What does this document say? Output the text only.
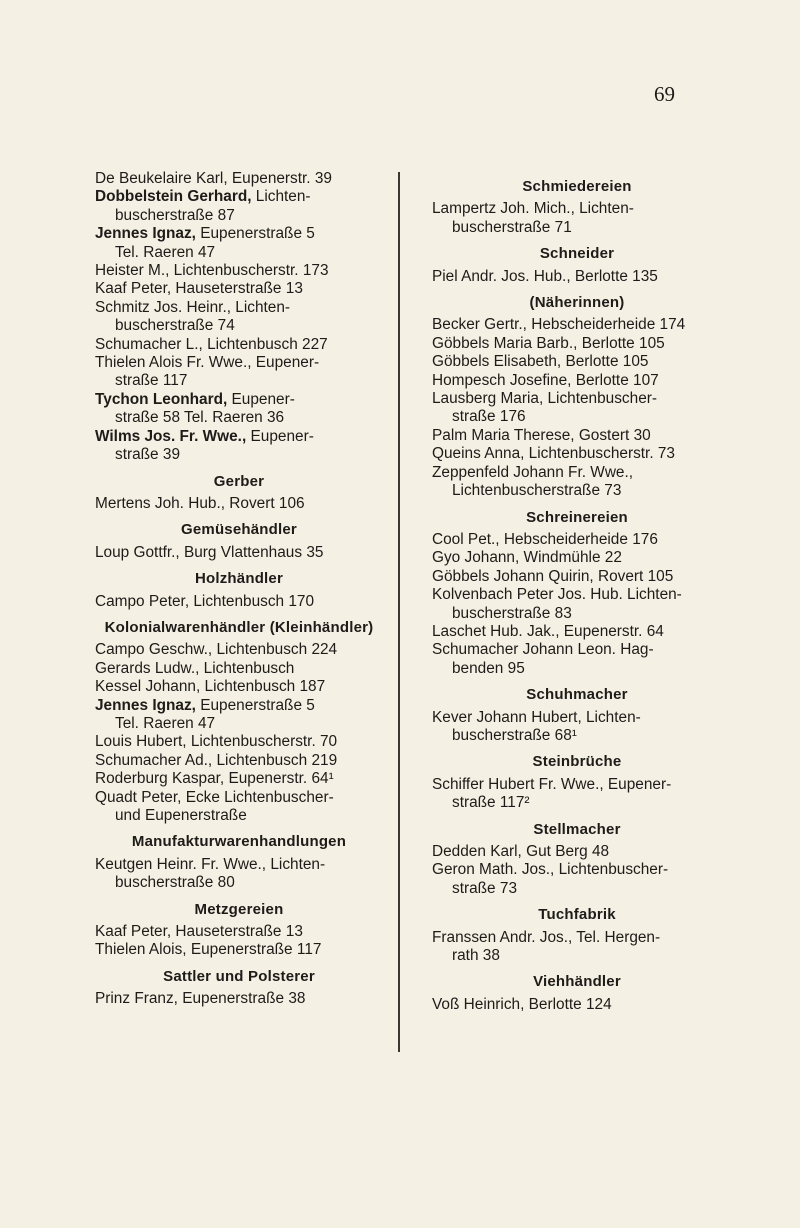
69
De Beukelaire Karl, Eupenerstr. 39
Dobbelstein Gerhard, Lichten-
buscherstraße 87
Jennes Ignaz, Eupenerstraße 5
Tel. Raeren 47
Heister M., Lichtenbuscherstr. 173
Kaaf Peter, Hauseterstraße 13
Schmitz Jos. Heinr., Lichten-
buscherstraße 74
Schumacher L., Lichtenbusch 227
Thielen Alois Fr. Wwe., Eupener-
straße 117
Tychon Leonhard, Eupener-
straße 58 Tel. Raeren 36
Wilms Jos. Fr. Wwe., Eupener-
straße 39
Gerber
Mertens Joh. Hub., Rovert 106
Gemüsehändler
Loup Gottfr., Burg Vlattenhaus 35
Holzhändler
Campo Peter, Lichtenbusch 170
Kolonialwarenhändler (Kleinhändler)
Campo Geschw., Lichtenbusch 224
Gerards Ludw., Lichtenbusch
Kessel Johann, Lichtenbusch 187
Jennes Ignaz, Eupenerstraße 5
Tel. Raeren 47
Louis Hubert, Lichtenbuscherstr. 70
Schumacher Ad., Lichtenbusch 219
Roderburg Kaspar, Eupenerstr. 64¹
Quadt Peter, Ecke Lichtenbuscher-
und Eupenerstraße
Manufakturwarenhandlungen
Keutgen Heinr. Fr. Wwe., Lichten-
buscherstraße 80
Metzgereien
Kaaf Peter, Hauseterstraße 13
Thielen Alois, Eupenerstraße 117
Sattler und Polsterer
Prinz Franz, Eupenerstraße 38
Schmiedereien
Lampertz Joh. Mich., Lichten-
buscherstraße 71
Schneider
Piel Andr. Jos. Hub., Berlotte 135
(Näherinnen)
Becker Gertr., Hebscheiderheide 174
Göbbels Maria Barb., Berlotte 105
Göbbels Elisabeth, Berlotte 105
Hompesch Josefine, Berlotte 107
Lausberg Maria, Lichtenbuscher-
straße 176
Palm Maria Therese, Gostert 30
Queins Anna, Lichtenbuscherstr. 73
Zeppenfeld Johann Fr. Wwe.,
Lichtenbuscherstraße 73
Schreinereien
Cool Pet., Hebscheiderheide 176
Gyo Johann, Windmühle 22
Göbbels Johann Quirin, Rovert 105
Kolvenbach Peter Jos. Hub. Lichten-
buscherstraße 83
Laschet Hub. Jak., Eupenerstr. 64
Schumacher Johann Leon. Hag-
benden 95
Schuhmacher
Kever Johann Hubert, Lichten-
buscherstraße 68¹
Steinbrüche
Schiffer Hubert Fr. Wwe., Eupener-
straße 117²
Stellmacher
Dedden Karl, Gut Berg 48
Geron Math. Jos., Lichtenbuscher-
straße 73
Tuchfabrik
Franssen Andr. Jos., Tel. Hergen-
rath 38
Viehhändler
Voß Heinrich, Berlotte 124
